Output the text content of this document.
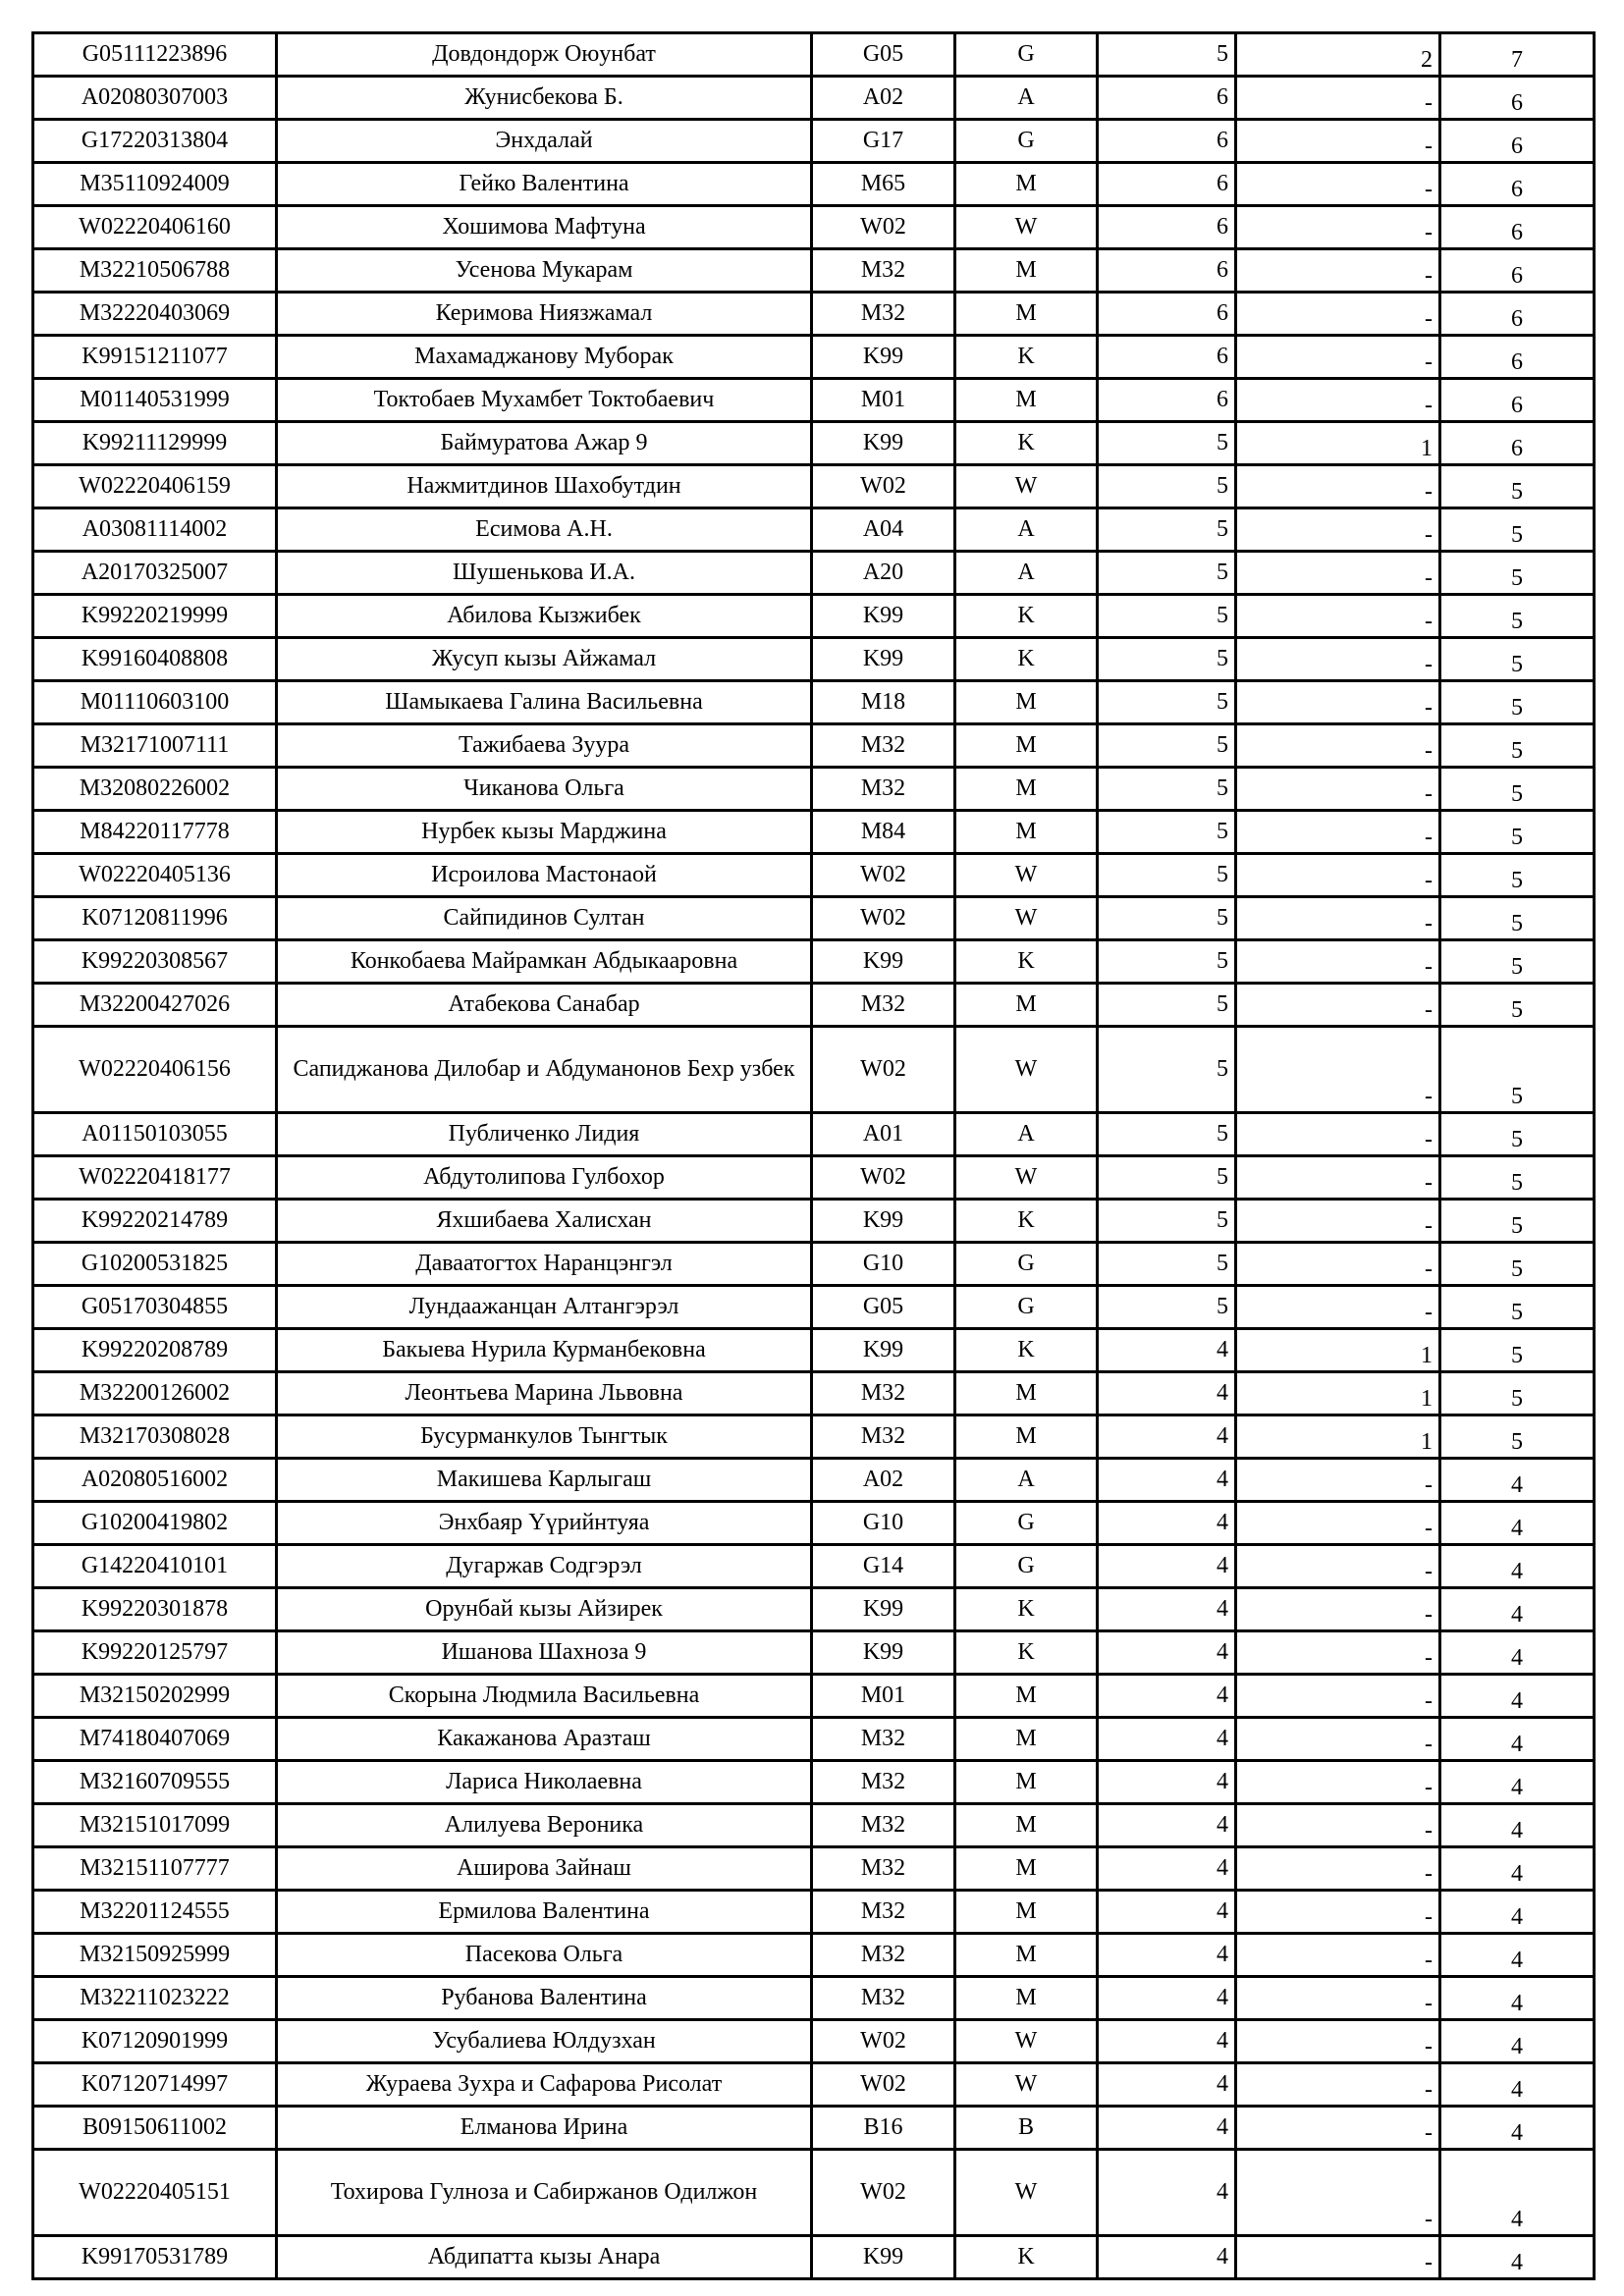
G05111223896	Довдондорж Оюунбат	G05	G	5	2	7
A02080307003	Жунисбекова Б.	A02	A	6	-	6
G17220313804	Энхдалай	G17	G	6	-	6
M35110924009	Гейко Валентина	M65	M	6	-	6
W02220406160	Хошимова Мафтуна	W02	W	6	-	6
M32210506788	Усенова Мукарам	M32	M	6	-	6
M32220403069	Керимова Ниязжамал	M32	M	6	-	6
K99151211077	Махамаджанову Муборак	K99	K	6	-	6
M01140531999	Токтобаев Мухамбет Токтобаевич	M01	M	6	-	6
K99211129999	Баймуратова Ажар 9	K99	K	5	1	6
W02220406159	Нажмитдинов Шахобутдин	W02	W	5	-	5
A03081114002	Есимова А.Н.	A04	A	5	-	5
A20170325007	Шушенькова И.А.	A20	A	5	-	5
K99220219999	Абилова Кызжибек	K99	K	5	-	5
K99160408808	Жусуп кызы Айжамал	K99	K	5	-	5
M01110603100	Шамыкаева Галина Васильевна	M18	M	5	-	5
M32171007111	Тажибаева Зуура	M32	M	5	-	5
M32080226002	Чиканова Ольга	M32	M	5	-	5
M84220117778	Нурбек кызы Марджина	M84	M	5	-	5
W02220405136	Исроилова Мастонаой	W02	W	5	-	5
K07120811996	Сайпидинов Султан	W02	W	5	-	5
K99220308567	Конкобаева Майрамкан Абдыкааровна	K99	K	5	-	5
M32200427026	Атабекова Санабар	M32	M	5	-	5
W02220406156	Сапиджанова Дилобар и Абдуманонов Бехр узбек	W02	W	5	-	5
A01150103055	Публиченко Лидия	A01	A	5	-	5
W02220418177	Абдутолипова Гулбохор	W02	W	5	-	5
K99220214789	Яхшибаева Халисхан	K99	K	5	-	5
G10200531825	Даваатогтох Наранцэнгэл	G10	G	5	-	5
G05170304855	Лундаажанцан Алтангэрэл	G05	G	5	-	5
K99220208789	Бакыева Нурила Курманбековна	K99	K	4	1	5
M32200126002	Леонтьева Марина Львовна	M32	M	4	1	5
M32170308028	Бусурманкулов Тынгтык	M32	M	4	1	5
A02080516002	Макишева Карлыгаш	A02	A	4	-	4
G10200419802	Энхбаяр Үүрийнтуяа	G10	G	4	-	4
G14220410101	Дугаржав Содгэрэл	G14	G	4	-	4
K99220301878	Орунбай кызы Айзирек	K99	K	4	-	4
K99220125797	Ишанова Шахноза 9	K99	K	4	-	4
M32150202999	Скорына Людмила Васильевна	M01	M	4	-	4
M74180407069	Какажанова Аразташ	M32	M	4	-	4
M32160709555	Лариса Николаевна	M32	M	4	-	4
M32151017099	Алилуева Вероника	M32	M	4	-	4
M32151107777	Аширова Зайнаш	M32	M	4	-	4
M32201124555	Ермилова Валентина	M32	M	4	-	4
M32150925999	Пасекова Ольга	M32	M	4	-	4
M32211023222	Рубанова Валентина	M32	M	4	-	4
K07120901999	Усубалиева Юлдузхан	W02	W	4	-	4
K07120714997	Жураева Зухра и Сафарова Рисолат	W02	W	4	-	4
B09150611002	Елманова Ирина	B16	B	4	-	4
W02220405151	Тохирова Гулноза и Сабиржанов Одилжон	W02	W	4	-	4
K99170531789	Абдипатта кызы Анара	K99	K	4	-	4
